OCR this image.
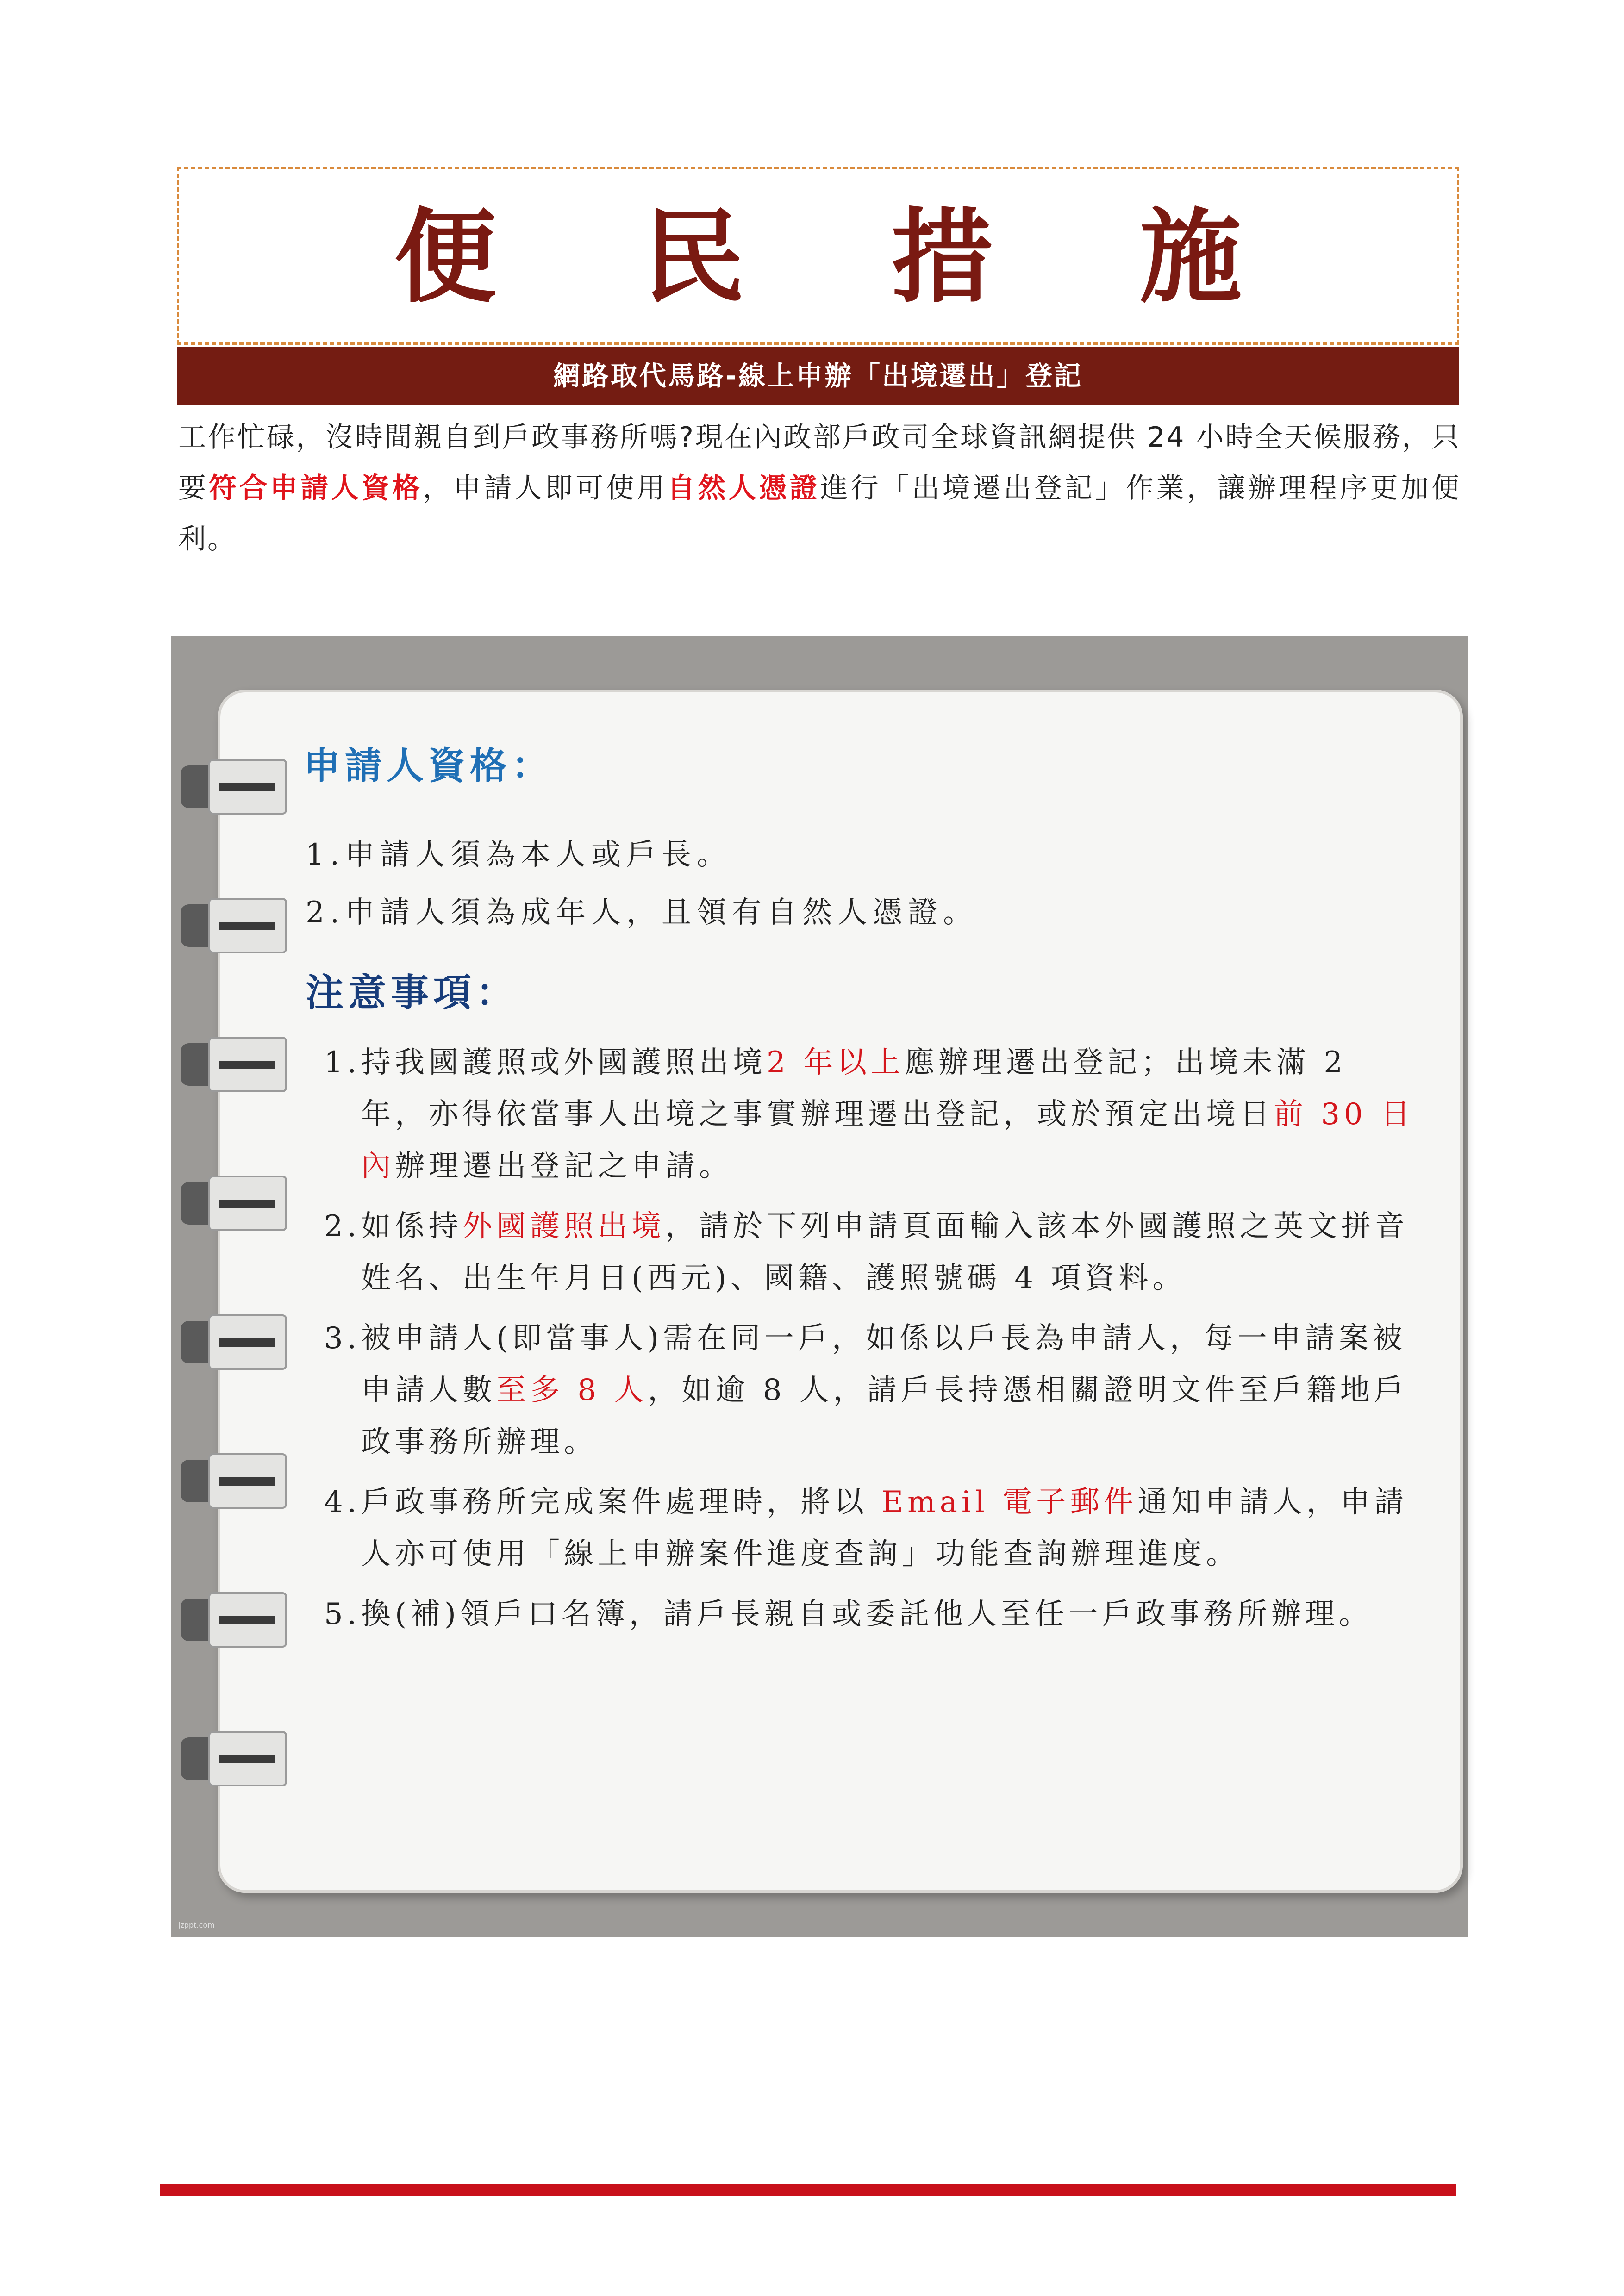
便 民 措 施
網路取代馬路-線上申辦「出境遷出」登記
工作忙碌，沒時間親自到戶政事務所嗎?現在內政部戶政司全球資訊網提供 24 小時全天候服務，只要符合申請人資格，申請人即可使用自然人憑證進行「出境遷出登記」作業，讓辦理程序更加便利。
申請人資格：
1.申請人須為本人或戶長。
2.申請人須為成年人，且領有自然人憑證。
注意事項：
1. 持我國護照或外國護照出境2 年以上應辦理遷出登記；出境未滿 2 年，亦得依當事人出境之事實辦理遷出登記，或於預定出境日前 30 日內辦理遷出登記之申請。
2. 如係持外國護照出境，請於下列申請頁面輸入該本外國護照之英文拼音姓名、出生年月日(西元)、國籍、護照號碼 4 項資料。
3. 被申請人(即當事人)需在同一戶，如係以戶長為申請人，每一申請案被申請人數至多 8 人，如逾 8 人，請戶長持憑相關證明文件至戶籍地戶政事務所辦理。
4. 戶政事務所完成案件處理時，將以 Email 電子郵件通知申請人，申請人亦可使用「線上申辦案件進度查詢」功能查詢辦理進度。
5. 換(補)領戶口名簿，請戶長親自或委託他人至任一戶政事務所辦理。
jzppt.com
